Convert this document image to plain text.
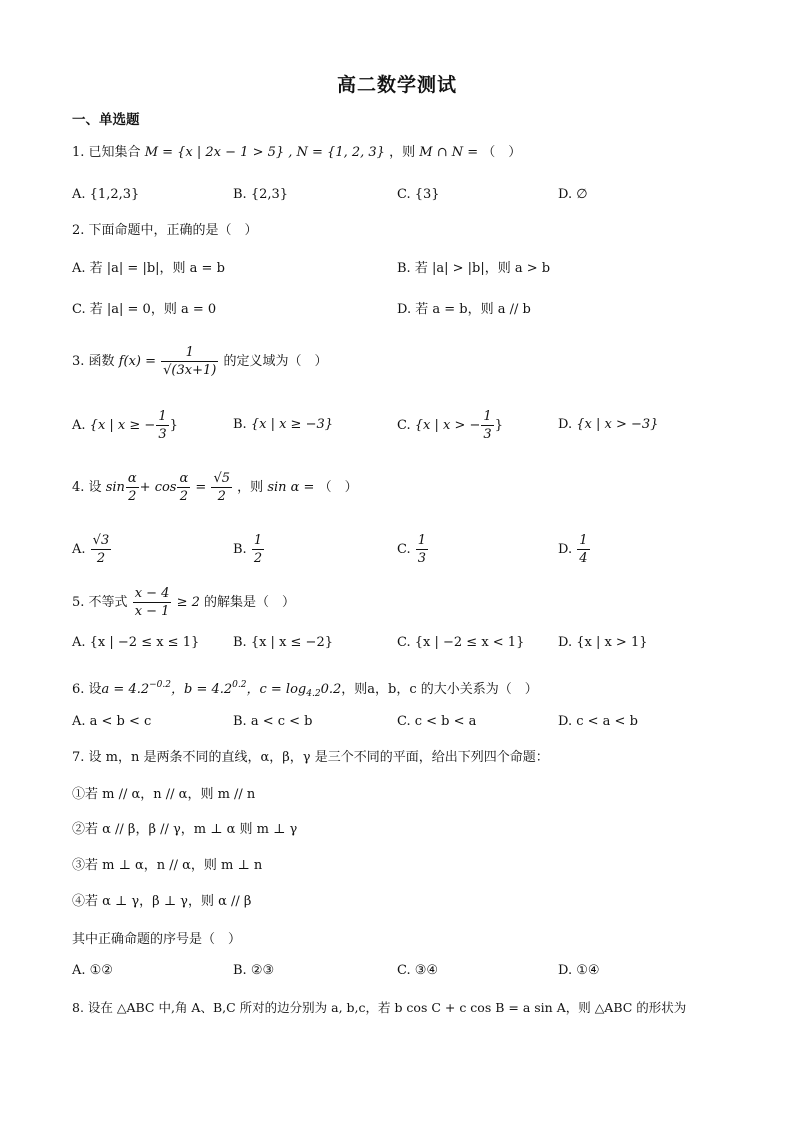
高二数学测试
一、单选题
1. 已知集合 M = {x | 2x − 1 > 5} , N = {1, 2, 3} ，则 M ∩ N = （　）
A. {1,2,3}	B. {2,3}	C. {3}	D. ∅
2. 下面命题中，正确的是（　）
A. 若 |a| = |b|，则 a = b	B. 若 |a| > |b|，则 a > b
C. 若 |a| = 0，则 a = 0	D. 若 a = b，则 a // b
3. 函数 $f(x) = \frac{1}{√(3x+1)}$ 的定义域为（　）
A. {x | x ≥ − $\frac{1}{3}$ }	B. {x | x ≥ −3}	C. {x | x > − $\frac{1}{3}$ }	D. {x | x > −3}
4. 设 $\sin \frac{\alpha}{2} + \cos \frac{\alpha}{2} = \frac{√5}{2}$ ，则 sin α = （　）
A. $\frac{√3}{2}$	B. $\frac{1}{2}$	C. $\frac{1}{3}$	D. $\frac{1}{4}$
5. 不等式 $\frac{x - 4}{x - 1} \ge 2$ 的解集是（　）
A. {x | −2 ≤ x ≤ 1}	B. {x | x ≤ −2}	C. {x | −2 ≤ x < 1}	D. {x | x > 1}
6. 设$a = 4.2^{-0.2}$，$b = 4.2^{0.2}$，$c = \log_{4.2}0.2$，则a，b，c 的大小关系为（　）
A. a < b < c	B. a < c < b	C. c < b < a	D. c < a < b
7. 设 m，n 是两条不同的直线，α，β，γ 是三个不同的平面，给出下列四个命题：
①若 m // α，n // α，则 m // n
②若 α // β，β // γ，m ⊥ α 则 m ⊥ γ
③若 m ⊥ α，n // α，则 m ⊥ n
④若 α ⊥ γ，β ⊥ γ，则 α // β
其中正确命题的序号是（　）
A. ①②	B. ②③	C. ③④	D. ①④
8. 设在 △ABC 中,角 A、B,C 所对的边分别为 a, b,c，若 b cos C + c cos B = a sin A，则 △ABC 的形状为
